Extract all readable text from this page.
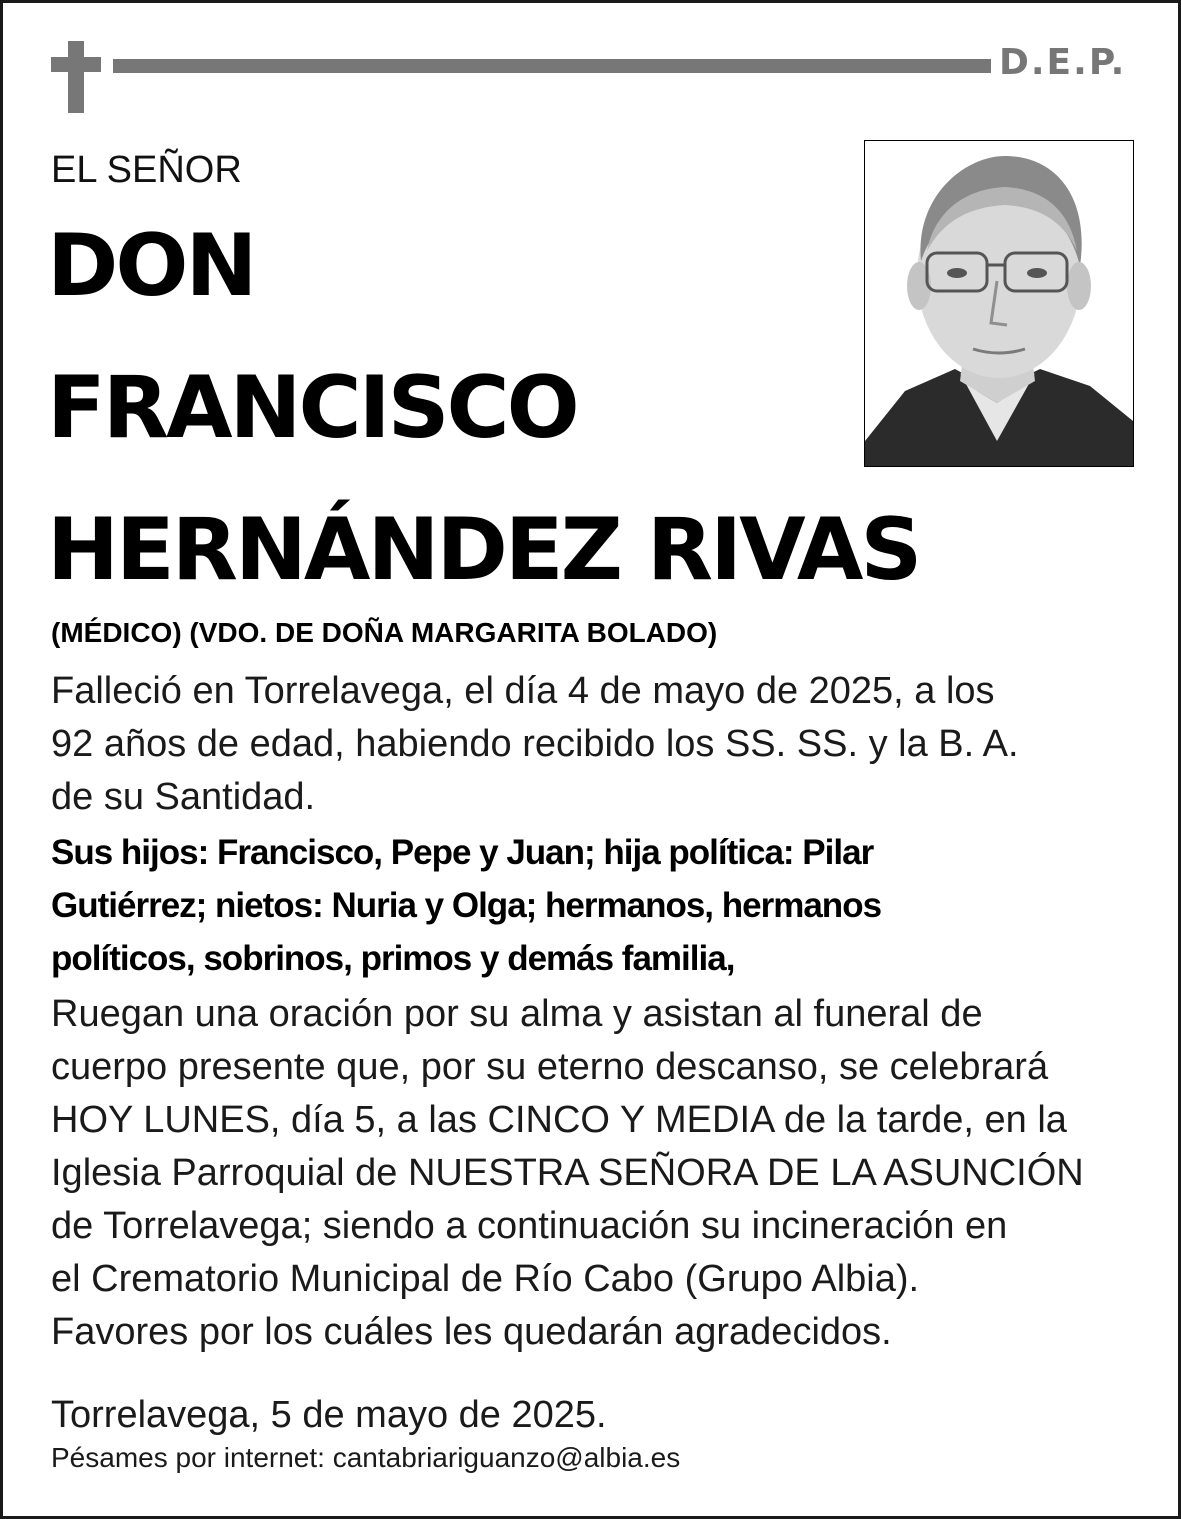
D.E.P.
EL SEÑOR
DON
FRANCISCO
HERNÁNDEZ RIVAS
(MÉDICO) (VDO. DE DOÑA MARGARITA BOLADO)
Falleció en Torrelavega, el día 4 de mayo de 2025, a los
92 años de edad, habiendo recibido los SS. SS. y la B. A.
de su Santidad.
Sus hijos: Francisco, Pepe y Juan; hija política: Pilar
Gutiérrez; nietos: Nuria y Olga; hermanos, hermanos
políticos, sobrinos, primos y demás familia,
Ruegan una oración por su alma y asistan al funeral de
cuerpo presente que, por su eterno descanso, se celebrará
HOY LUNES, día 5, a las CINCO Y MEDIA de la tarde, en la
Iglesia Parroquial de NUESTRA SEÑORA DE LA ASUNCIÓN
de Torrelavega; siendo a continuación su incineración en
el Crematorio Municipal de Río Cabo (Grupo Albia).
Favores por los cuáles les quedarán agradecidos.
Torrelavega, 5 de mayo de 2025.
Pésames por internet: cantabriariguanzo@albia.es
